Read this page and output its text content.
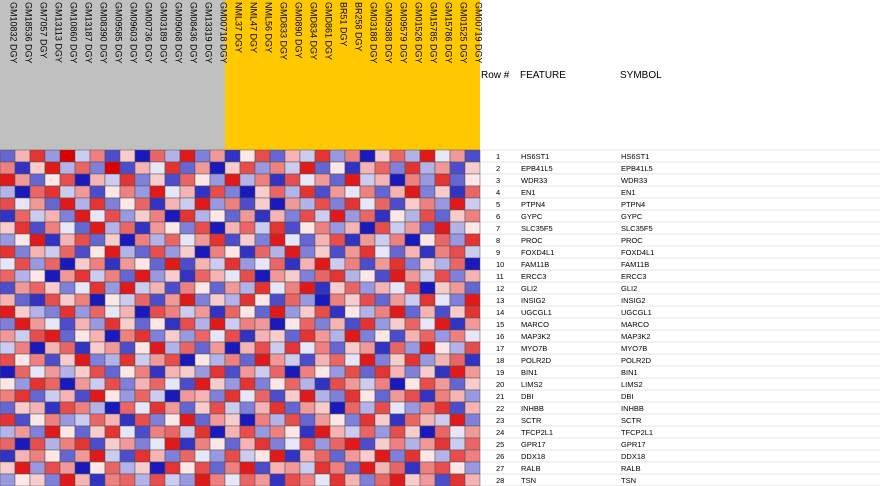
GM10832 DGY GM18536 DGY GM7057 DGY GM13113 DGY GM10860 DGY GM13187 DGY GM08390 DGY GM09585 DGY GM09603 DGY GM00736 DGY GM03189 DGY GM09068 DGY GM08436 DGY GM13319 DGY GM00718 DGY NML37 DGY NML47 DGY NML56 DGY GMD833 DGY GM0890 DGY GMD834 DGY GMD861 DGY BR51 DGY BR258 DGY GM03188 DGY GM09388 DGY GM09579 DGY GM01526 DGY GM15785 DGY GM15786 DGY GM01525 DGY GM00719 DGY
Row # FEATURE	SYMBOL
1	HS6ST1	HS6ST1
2	EPB41L5	EPB41L5
3	WDR33	WDR33
4	EN1	EN1
5	PTPN4	PTPN4
6	GYPC	GYPC
7	SLC35F5	SLC35F5
8	PROC	PROC
9	FOXD4L1	FOXD4L1
10 FAM11B	FAM11B
11 ERCC3	ERCC3
12 GLI2	GLI2
13 INSIG2	INSIG2
14 UGCGL1	UGCGL1
15 MARCO	MARCO
16 MAP3K2	MAP3K2
17 MYO7B	MYO7B
18 POLR2D	POLR2D
19 BIN1	BIN1
20 LIMS2	LIMS2
21 DBI	DBI
22 INHBB	INHBB
23 SCTR	SCTR
24 TFCP2L1	TFCP2L1
25 GPR17	GPR17
26 DDX18	DDX18
27 RALB	RALB
28 TSN	TSN
